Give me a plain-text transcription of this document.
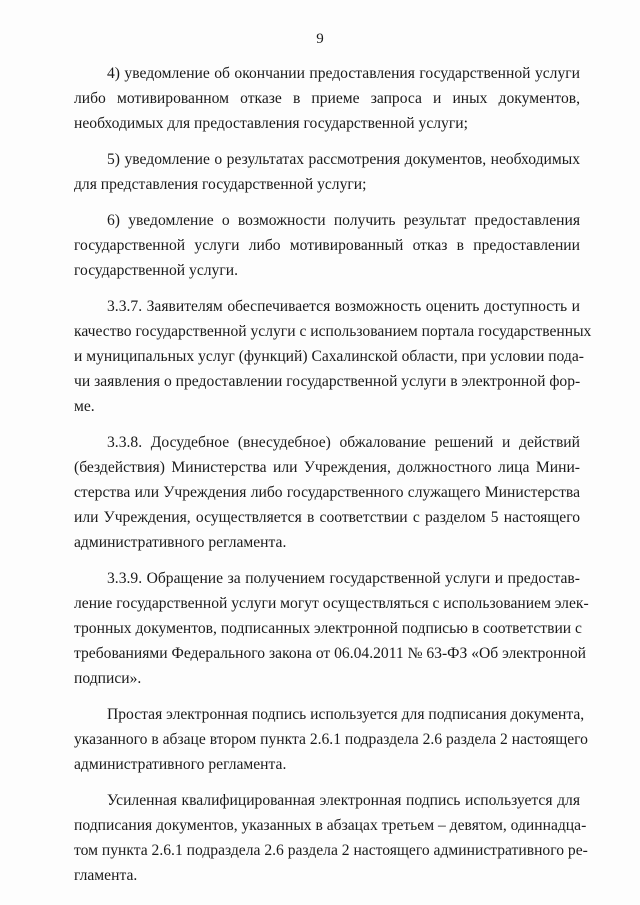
9
4) уведомление об окончании предоставления государственной услуги
либо мотивированном отказе в приеме запроса и иных документов,
необходимых для предоставления государственной услуги;
5) уведомление о результатах рассмотрения документов, необходимых
для представления государственной услуги;
6) уведомление о возможности получить результат предоставления
государственной услуги либо мотивированный отказ в предоставлении
государственной услуги.
3.3.7. Заявителям обеспечивается возможность оценить доступность и
качество государственной услуги с использованием портала государственных
и муниципальных услуг (функций) Сахалинской области, при условии пода-
чи заявления о предоставлении государственной услуги в электронной фор-
ме.
3.3.8. Досудебное (внесудебное) обжалование решений и действий
(бездействия) Министерства или Учреждения, должностного лица Мини-
стерства или Учреждения либо государственного служащего Министерства
или Учреждения, осуществляется в соответствии с разделом 5 настоящего
административного регламента.
3.3.9. Обращение за получением государственной услуги и предостав-
ление государственной услуги могут осуществляться с использованием элек-
тронных документов, подписанных электронной подписью в соответствии с
требованиями Федерального закона от 06.04.2011 № 63-ФЗ «Об электронной
подписи».
Простая электронная подпись используется для подписания документа,
указанного в абзаце втором пункта 2.6.1 подраздела 2.6 раздела 2 настоящего
административного регламента.
Усиленная квалифицированная электронная подпись используется для
подписания документов, указанных в абзацах третьем – девятом, одиннадца-
том пункта 2.6.1 подраздела 2.6 раздела 2 настоящего административного ре-
гламента.
